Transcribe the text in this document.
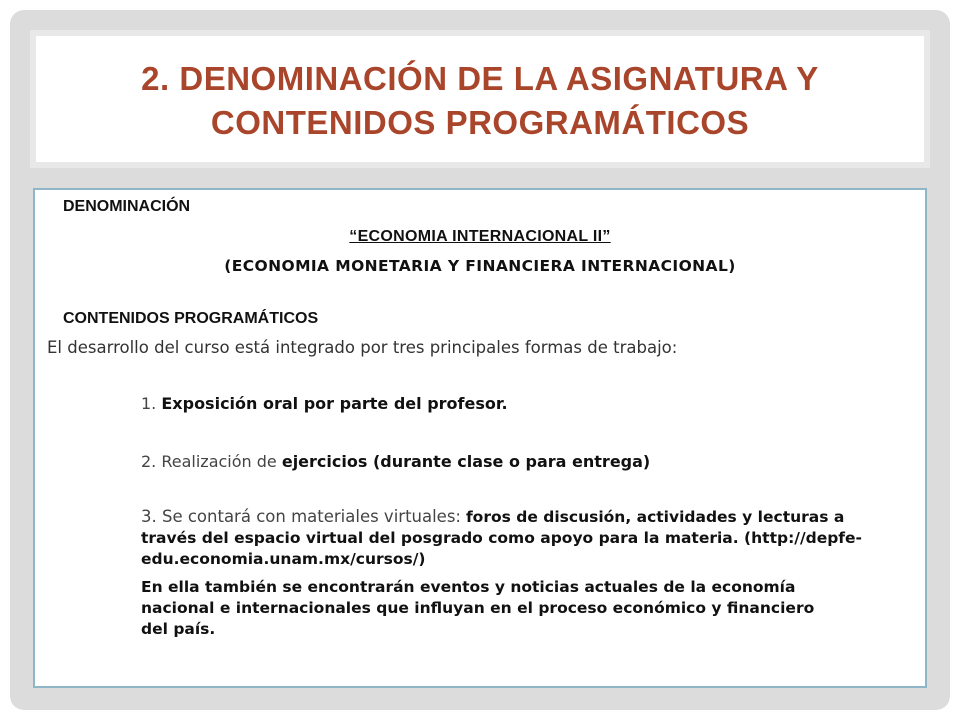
2. DENOMINACIÓN DE LA ASIGNATURA Y CONTENIDOS PROGRAMÁTICOS

DENOMINACIÓN

“ECONOMIA INTERNACIONAL II”

(ECONOMIA MONETARIA Y FINANCIERA INTERNACIONAL)

CONTENIDOS PROGRAMÁTICOS

El desarrollo del curso está integrado por tres principales formas de trabajo:

1. Exposición oral por parte del profesor.

2. Realización de ejercicios (durante clase o para entrega)

3. Se contará con materiales virtuales: foros de discusión, actividades y lecturas a través del espacio virtual del posgrado como apoyo para la materia. (http://depfe-edu.economia.unam.mx/cursos/)

En ella también se encontrarán eventos y noticias actuales de la economía nacional e internacionales que influyan en el proceso económico y financiero del país.
